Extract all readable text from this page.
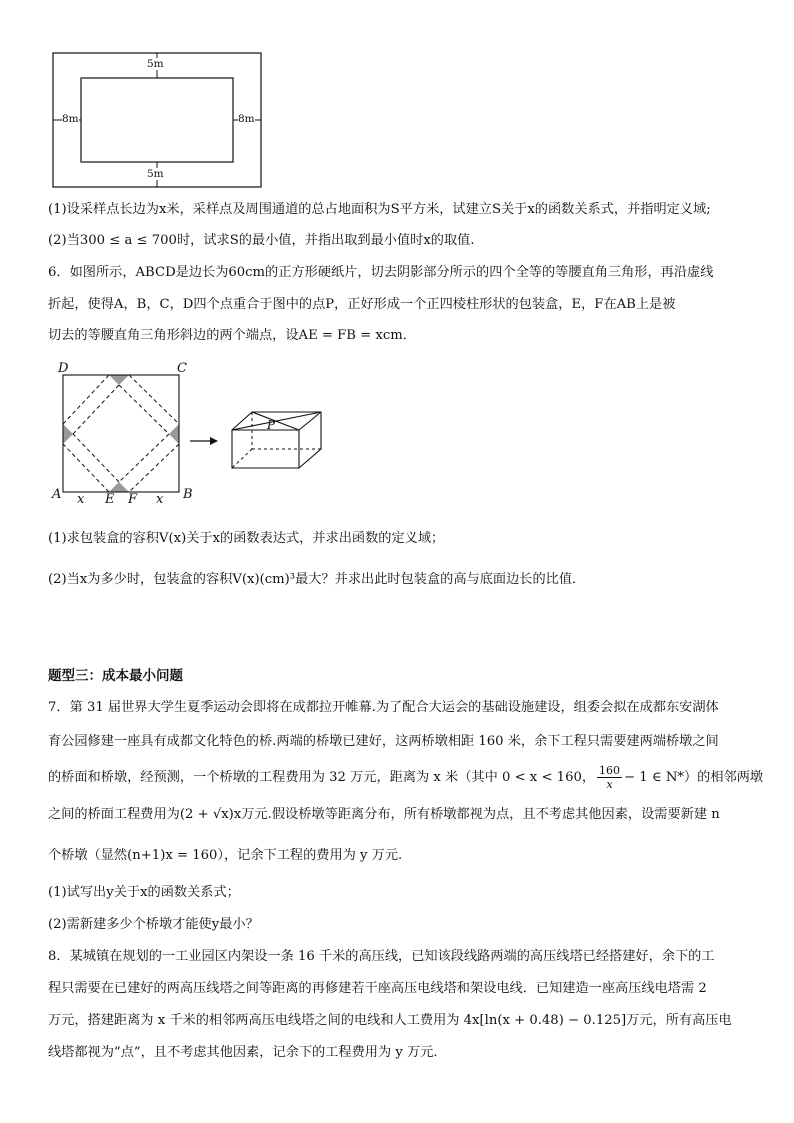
5m
5m
8m	8m
(1)设采样点长边为x米，采样点及周围通道的总占地面积为S平方米，试建立S关于x的函数关系式，并指明定义域;
(2)当300 ≤ a ≤ 700时，试求S的最小值，并指出取到最小值时x的取值.
6．如图所示，ABCD是边长为60cm的正方形硬纸片，切去阴影部分所示的四个全等的等腰直角三角形，再沿虚线
折起，使得A，B，C，D四个点重合于图中的点P，正好形成一个正四棱柱形状的包装盒，E，F在AB上是被
切去的等腰直角三角形斜边的两个端点，设AE = FB = xcm．
D	C
A	B
E F
x	x
P
(1)求包装盒的容积V(x)关于x的函数表达式，并求出函数的定义域；
(2)当x为多少时，包装盒的容积V(x)(cm)³最大？并求出此时包装盒的高与底面边长的比值．
题型三：成本最小问题
7．第 31 届世界大学生夏季运动会即将在成都拉开帷幕.为了配合大运会的基础设施建设，组委会拟在成都东安湖体
育公园修建一座具有成都文化特色的桥.两端的桥墩已建好，这两桥墩相距 160 米，余下工程只需要建两端桥墩之间
的桥面和桥墩，经预测，一个桥墩的工程费用为 32 万元，距离为 x 米（其中 0 < x < 160， $\frac{160}{x} - 1$ ∈ N*）的相邻两墩
之间的桥面工程费用为(2 + √x)x万元.假设桥墩等距离分布，所有桥墩都视为点，且不考虑其他因素，设需要新建 n
个桥墩（显然(n+1)x = 160），记余下工程的费用为 y 万元.
(1)试写出y关于x的函数关系式；
(2)需新建多少个桥墩才能使y最小？
8．某城镇在规划的一工业园区内架设一条 16 千米的高压线，已知该段线路两端的高压线塔已经搭建好，余下的工
程只需要在已建好的两高压线塔之间等距离的再修建若干座高压电线塔和架设电线．已知建造一座高压线电塔需 2
万元，搭建距离为 x 千米的相邻两高压电线塔之间的电线和人工费用为 4x[ln(x + 0.48) − 0.125]万元，所有高压电
线塔都视为“点”，且不考虑其他因素，记余下的工程费用为 y 万元．
